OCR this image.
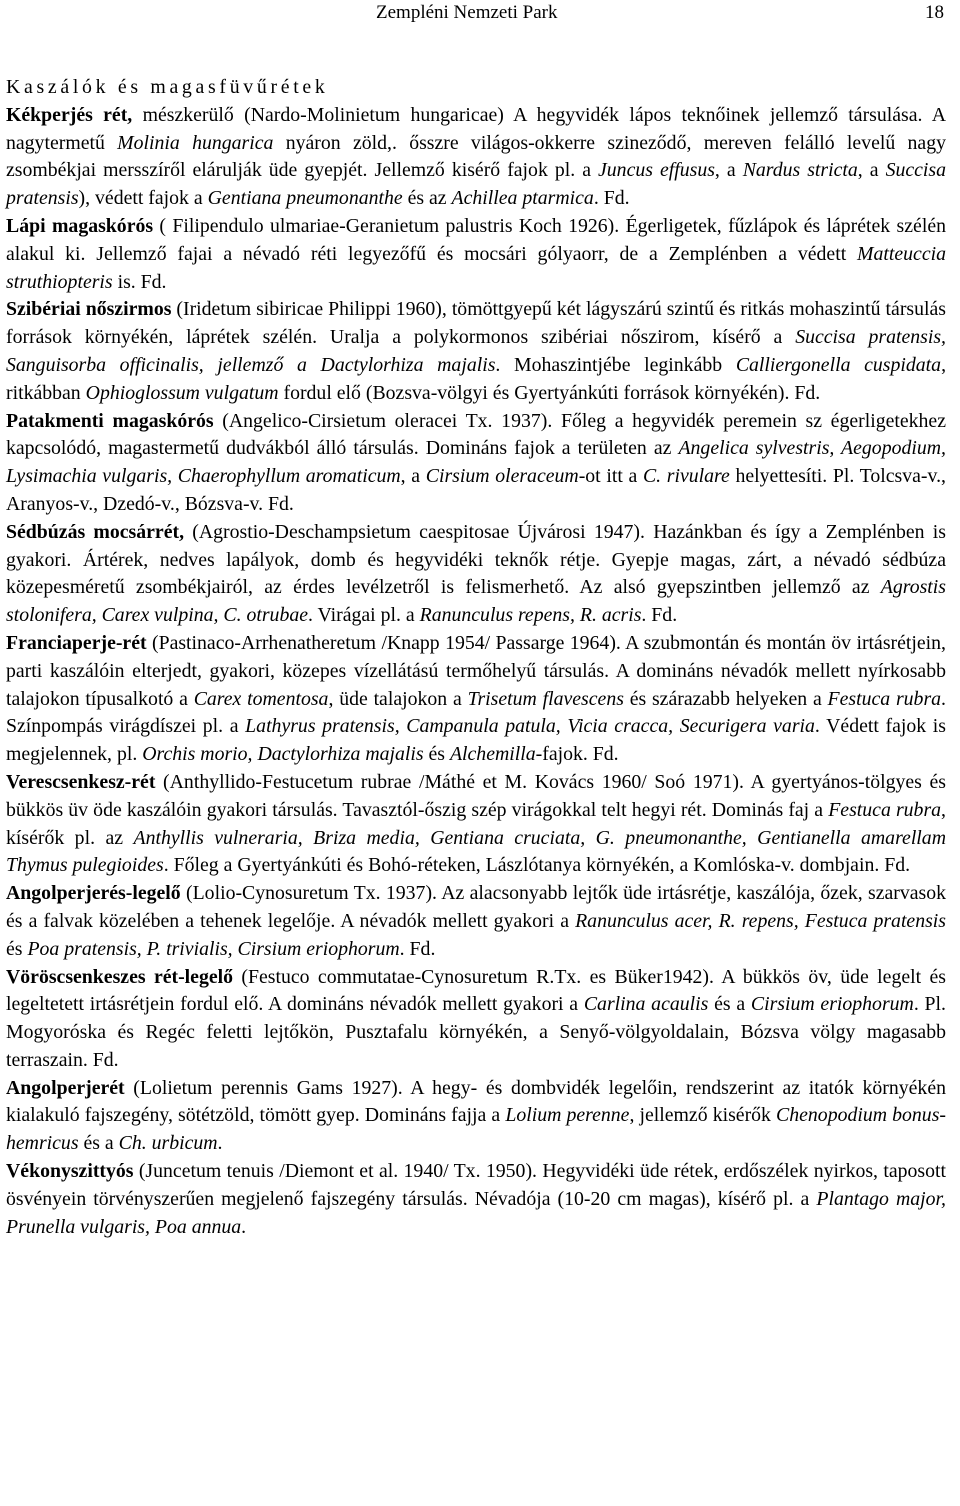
Zempléni Nemzeti Park	18

Kaszálók és magasfüvűrétek

Kékperjés rét, mészkerülő (Nardo-Molinietum hungaricae) A hegyvidék lápos teknőinek jellemző társulása. A nagytermetű Molinia hungarica nyáron zöld,. ősszre világos-okkerre szineződő, mereven felálló levelű nagy zsombékjai mersszíről elárulják üde gyepjét. Jellemző kisérő fajok pl. a Juncus effusus, a Nardus stricta, a Succisa pratensis), védett fajok a Gentiana pneumonanthe és az Achillea ptarmica. Fd.

Lápi magaskórós ( Filipendulo ulmariae-Geranietum palustris Koch 1926). Égerligetek, fűzlápok és láprétek szélén alakul ki. Jellemző fajai a névadó réti legyezőfű és mocsári gólyaorr, de a Zemplénben a védett Matteuccia struthiopteris is. Fd.

Szibériai nőszirmos (Iridetum sibiricae Philippi 1960), tömöttgyepű két lágyszárú szintű és ritkás mohaszintű társulás források környékén, láprétek szélén. Uralja a polykormonos szibériai nőszirom, kísérő a Succisa pratensis, Sanguisorba officinalis, jellemző a Dactylorhiza majalis. Mohaszintjébe leginkább Calliergonella cuspidata, ritkábban Ophioglossum vulgatum fordul elő (Bozsva-völgyi és Gyertyánkúti források környékén). Fd.

Patakmenti magaskórós (Angelico-Cirsietum oleracei Tx. 1937). Főleg a hegyvidék peremein sz égerligetekhez kapcsolódó, magastermetű dudvákból álló társulás. Domináns fajok a területen az Angelica sylvestris, Aegopodium, Lysimachia vulgaris, Chaerophyllum aromaticum, a Cirsium oleraceum-ot itt a C. rivulare helyettesíti. Pl. Tolcsva-v., Aranyos-v., Dzedó-v., Bózsva-v. Fd.

Sédbúzás mocsárrét, (Agrostio-Deschampsietum caespitosae Újvárosi 1947). Hazánkban és így a Zemplénben is gyakori. Ártérek, nedves lapályok, domb és hegyvidéki teknők rétje. Gyepje magas, zárt, a névadó sédbúza közepesméretű zsombékjairól, az érdes levélzetről is felismerhető. Az alsó gyepszintben jellemző az Agrostis stolonifera, Carex vulpina, C. otrubae. Virágai pl. a Ranunculus repens, R. acris. Fd.

Franciaperje-rét (Pastinaco-Arrhenatheretum /Knapp 1954/ Passarge 1964). A szubmontán és montán öv irtásrétjein, parti kaszálóin elterjedt, gyakori, közepes vízellátású termőhelyű társulás. A domináns névadók mellett nyírkosabb talajokon típusalkotó a Carex tomentosa, üde talajokon a Trisetum flavescens és szárazabb helyeken a Festuca rubra. Színpompás virágdíszei pl. a Lathyrus pratensis, Campanula patula, Vicia cracca, Securigera varia. Védett fajok is megjelennek, pl. Orchis morio, Dactylorhiza majalis és Alchemilla-fajok. Fd.

Verescsenkesz-rét (Anthyllido-Festucetum rubrae /Máthé et M. Kovács 1960/ Soó 1971). A gyertyános-tölgyes és bükkös üv öde kaszálóin gyakori társulás. Tavasztól-őszig szép virágokkal telt hegyi rét. Dominás faj a Festuca rubra, kísérők pl. az Anthyllis vulneraria, Briza media, Gentiana cruciata, G. pneumonanthe, Gentianella amarellam Thymus pulegioides. Főleg a Gyertyánkúti és Bohó-réteken, Lászlótanya környékén, a Komlóska-v. dombjain. Fd.

Angolperjerés-legelő (Lolio-Cynosuretum Tx. 1937). Az alacsonyabb lejtők üde irtásrétje, kaszálója, őzek, szarvasok és a falvak közelében a tehenek legelője. A névadók mellett gyakori a Ranunculus acer, R. repens, Festuca pratensis és Poa pratensis, P. trivialis, Cirsium eriophorum. Fd.

Vöröscsenkeszes rét-legelő (Festuco commutatae-Cynosuretum R.Tx. es Büker1942). A bükkös öv, üde legelt és legeltetett irtásrétjein fordul elő. A domináns névadók mellett gyakori a Carlina acaulis és a Cirsium eriophorum. Pl. Mogyoróska és Regéc feletti lejtőkön, Pusztafalu környékén, a Senyő-völgyoldalain, Bózsva völgy magasabb terraszain. Fd.

Angolperjerét (Lolietum perennis Gams 1927). A hegy- és dombvidék legelőin, rendszerint az itatók környékén kialakuló fajszegény, sötétzöld, tömött gyep. Domináns fajja a Lolium perenne, jellemző kisérők Chenopodium bonus-hemricus és a Ch. urbicum.

Vékonyszittyós (Juncetum tenuis /Diemont et al. 1940/ Tx. 1950). Hegyvidéki üde rétek, erdőszélek nyirkos, taposott ösvényein törvényszerűen megjelenő fajszegény társulás. Névadója (10-20 cm magas), kísérő pl. a Plantago major, Prunella vulgaris, Poa annua.
